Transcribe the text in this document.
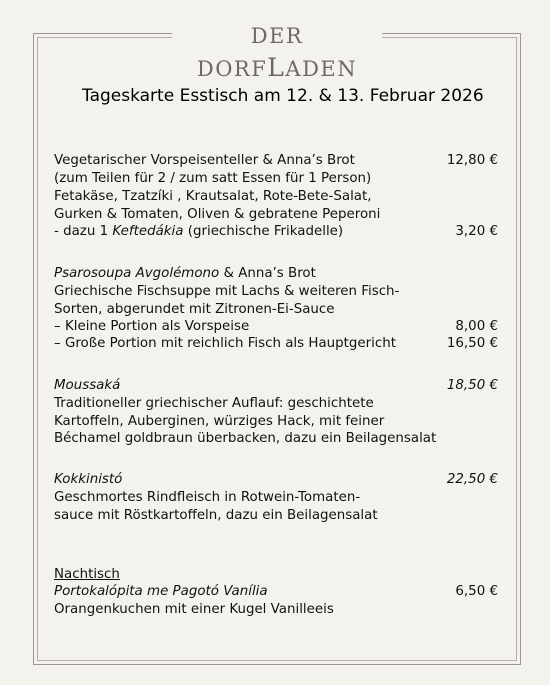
DER DORFLADEN
Tageskarte Esstisch am 12. & 13. Februar 2026
Vegetarischer Vorspeisenteller & Anna’s Brot	12,80 €
(zum Teilen für 2 / zum satt Essen für 1 Person)
Fetakäse, Tzatzíki , Krautsalat, Rote-Bete-Salat,
Gurken & Tomaten, Oliven & gebratene Peperoni
- dazu 1 Keftedákia (griechische Frikadelle)	3,20 €
Psarosoupa Avgolémono & Anna’s Brot
Griechische Fischsuppe mit Lachs & weiteren Fisch-
Sorten, abgerundet mit Zitronen-Ei-Sauce
– Kleine Portion als Vorspeise	8,00 €
– Große Portion mit reichlich Fisch als Hauptgericht	16,50 €
Moussaká	18,50 €
Traditioneller griechischer Auflauf: geschichtete
Kartoffeln, Auberginen, würziges Hack, mit feiner
Béchamel goldbraun überbacken, dazu ein Beilagensalat
Kokkinistó	22,50 €
Geschmortes Rindfleisch in Rotwein-Tomaten-
sauce mit Röstkartoffeln, dazu ein Beilagensalat
Nachtisch
Portokalópita me Pagotó Vanília	6,50 €
Orangenkuchen mit einer Kugel Vanilleeis
